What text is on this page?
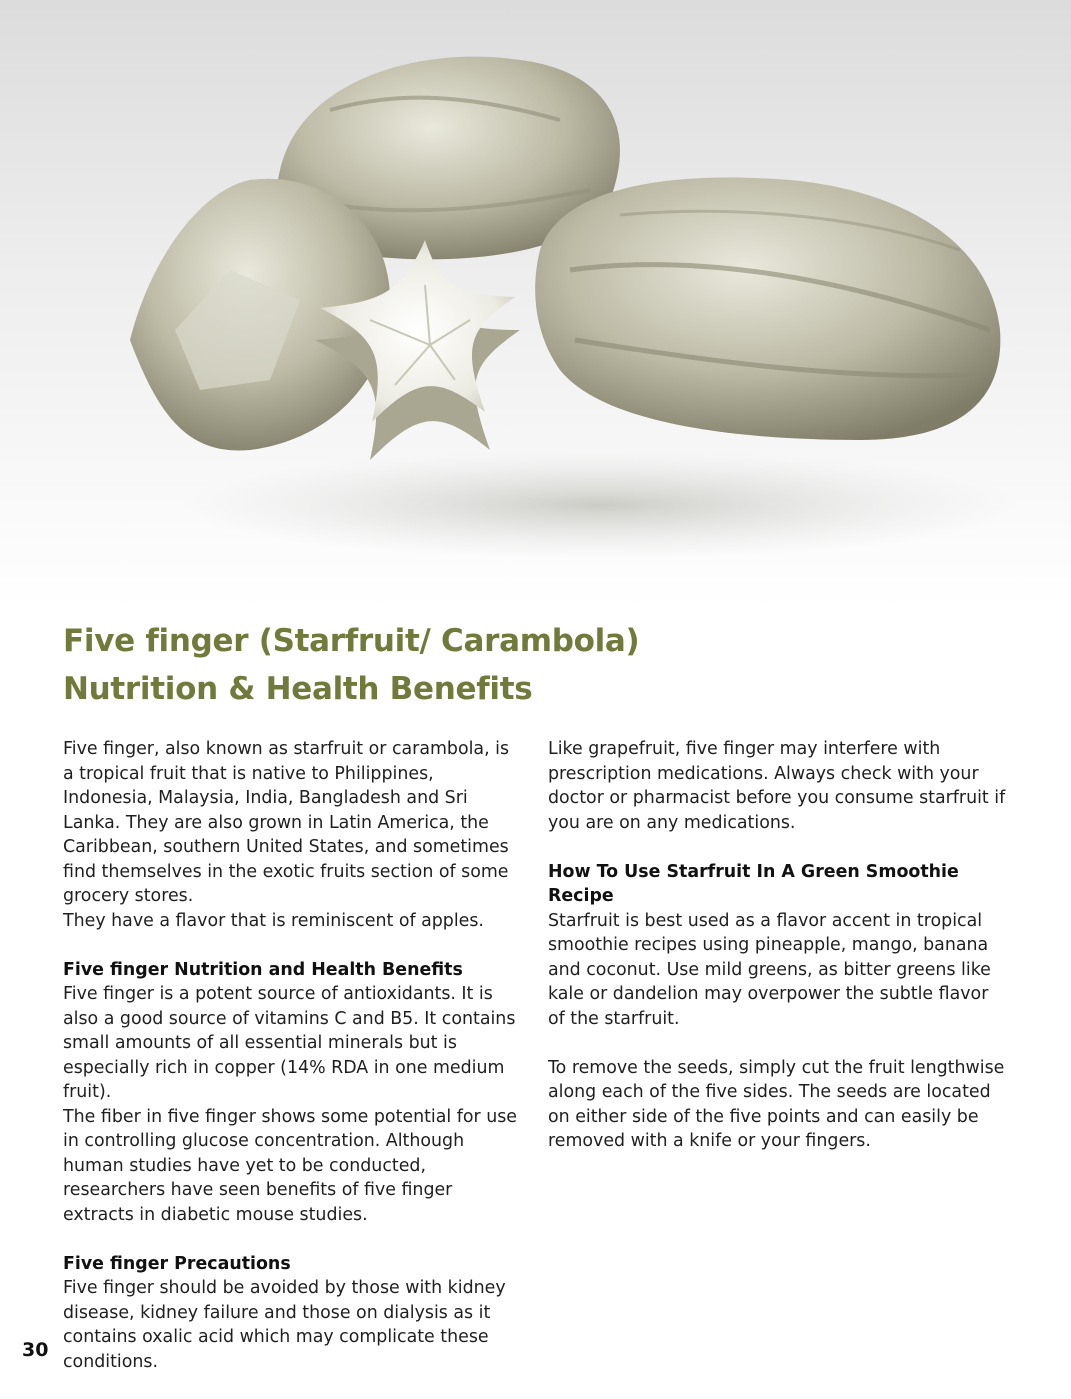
Five finger (Starfruit/ Carambola)
Nutrition & Health Benefits

Five finger, also known as starfruit or carambola, is a tropical fruit that is native to Philippines, Indonesia, Malaysia, India, Bangladesh and Sri Lanka. They are also grown in Latin America, the Caribbean, southern United States, and sometimes find themselves in the exotic fruits section of some grocery stores.
They have a flavor that is reminiscent of apples.

Five finger Nutrition and Health Benefits

Five finger is a potent source of antioxidants. It is also a good source of vitamins C and B5. It contains small amounts of all essential minerals but is especially rich in copper (14% RDA in one medium fruit).
The fiber in five finger shows some potential for use in controlling glucose concentration. Although human studies have yet to be conducted, researchers have seen benefits of five finger extracts in diabetic mouse studies.

Five finger Precautions

Five finger should be avoided by those with kidney disease, kidney failure and those on dialysis as it contains oxalic acid which may complicate these conditions.

Like grapefruit, five finger may interfere with prescription medications. Always check with your doctor or pharmacist before you consume starfruit if you are on any medications.

How To Use Starfruit In A Green Smoothie Recipe

Starfruit is best used as a flavor accent in tropical smoothie recipes using pineapple, mango, banana and coconut. Use mild greens, as bitter greens like kale or dandelion may overpower the subtle flavor of the starfruit.

To remove the seeds, simply cut the fruit lengthwise along each of the five sides. The seeds are located on either side of the five points and can easily be removed with a knife or your fingers.

30
